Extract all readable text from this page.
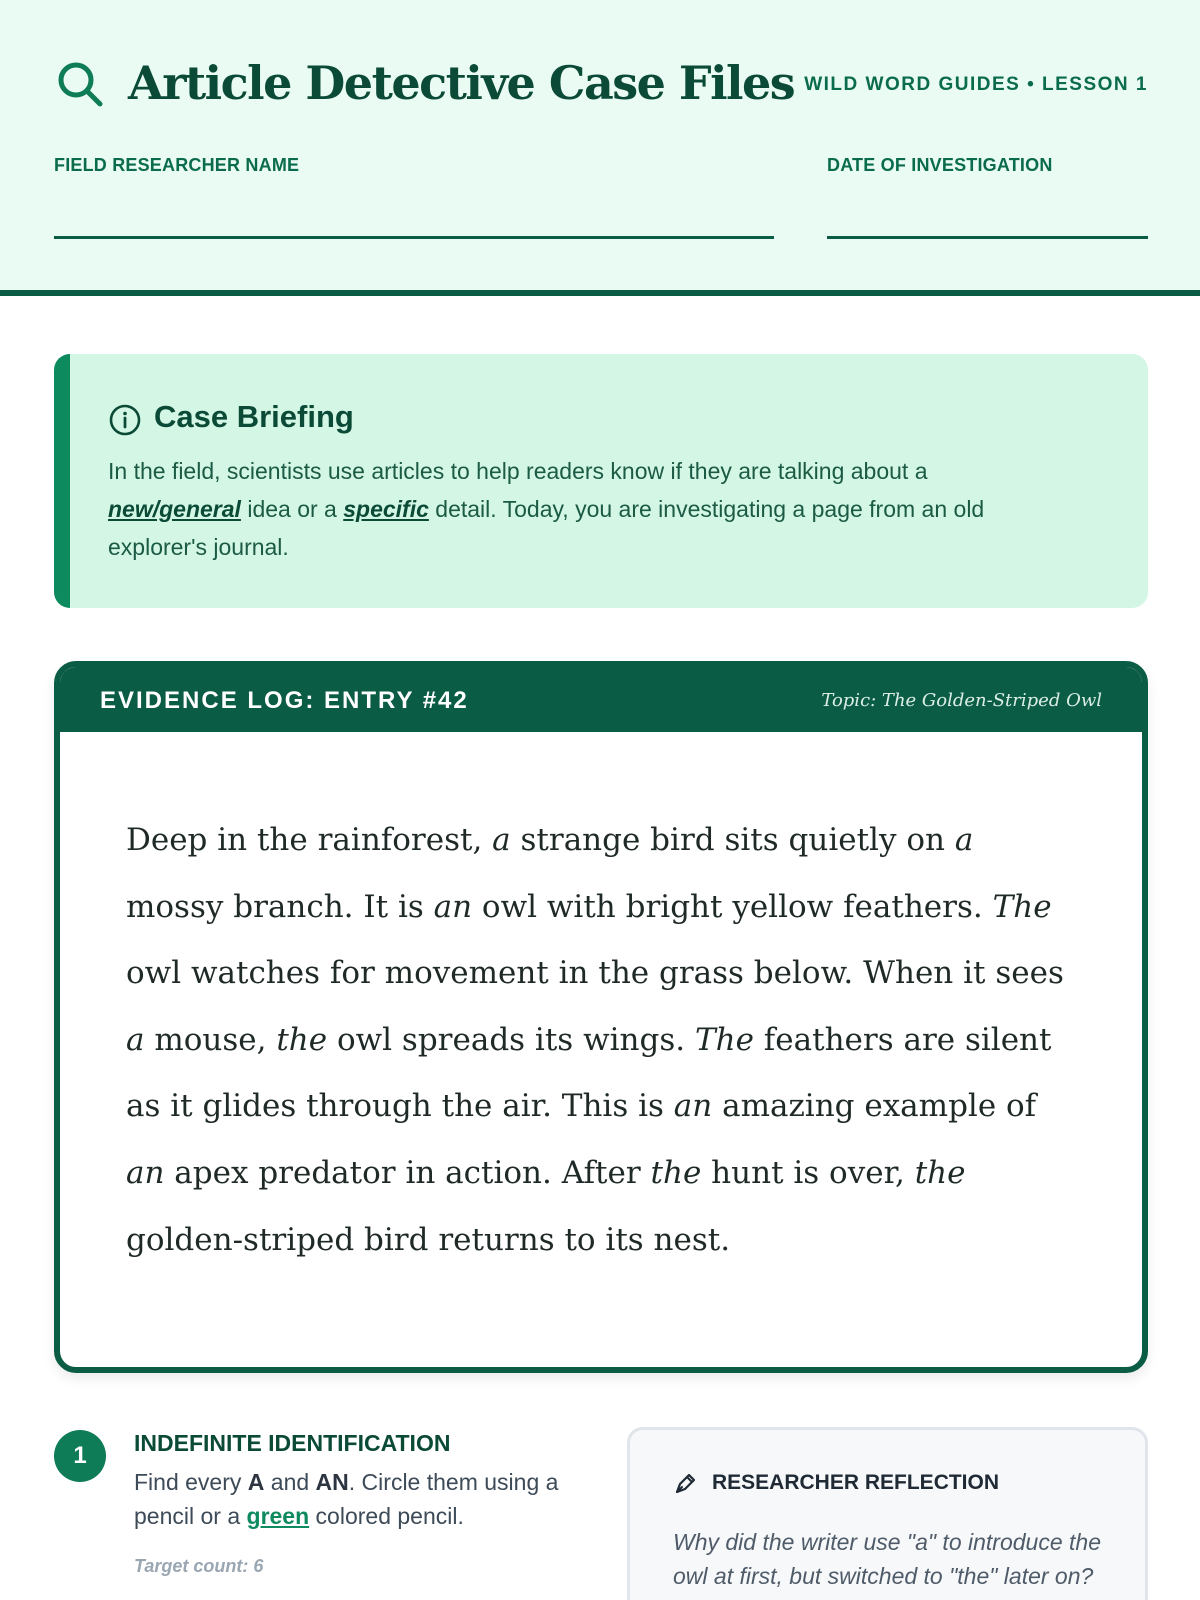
Article Detective Case Files WILD WORD GUIDES • LESSON 1
FIELD RESEARCHER NAME	DATE OF INVESTIGATION
Case Briefing
In the field, scientists use articles to help readers know if they are talking about a
new/general idea or a specific detail. Today, you are investigating a page from an old
explorer's journal.
EVIDENCE LOG: ENTRY #42	Topic: The Golden-Striped Owl
Deep in the rainforest, a strange bird sits quietly on a
mossy branch. It is an owl with bright yellow feathers. The
owl watches for movement in the grass below. When it sees
a mouse, the owl spreads its wings. The feathers are silent
as it glides through the air. This is an amazing example of
an apex predator in action. After the hunt is over, the
golden-striped bird returns to its nest.
1	INDEFINITE IDENTIFICATION
Find every A and AN. Circle them using a pencil or a green colored pencil.
Target count: 6
RESEARCHER REFLECTION
Why did the writer use "a" to introduce the owl at first, but switched to "the" later on?
